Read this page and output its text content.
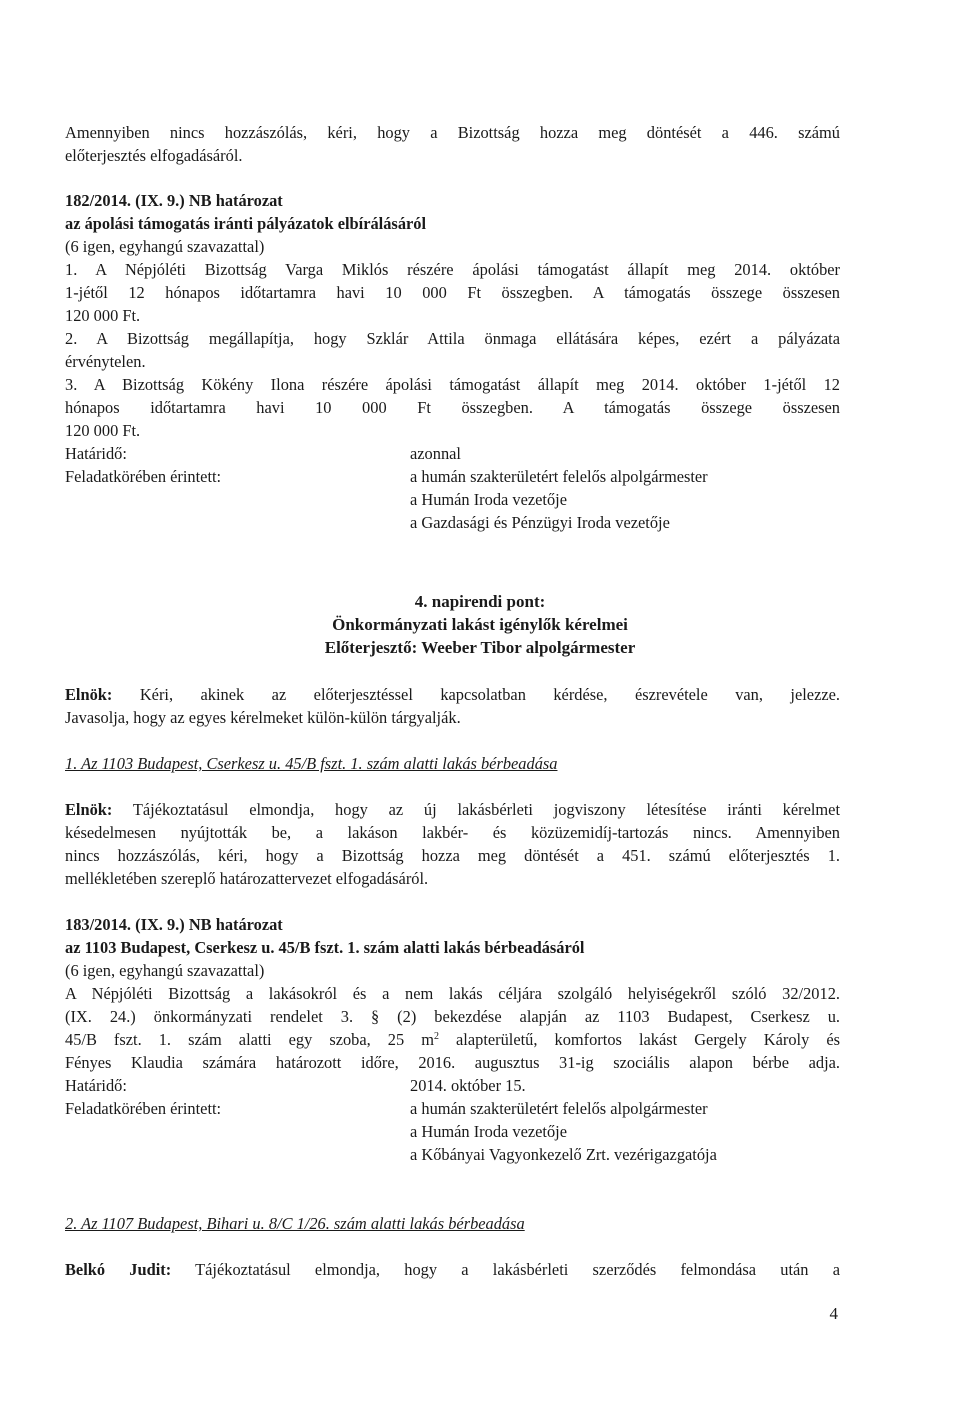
Amennyiben nincs hozzászólás, kéri, hogy a Bizottság hozza meg döntését a 446. számú
előterjesztés elfogadásáról.
182/2014. (IX. 9.) NB határozat
az ápolási támogatás iránti pályázatok elbírálásáról
(6 igen, egyhangú szavazattal)
1. A Népjóléti Bizottság Varga Miklós részére ápolási támogatást állapít meg 2014. október
1-jétől 12 hónapos időtartamra havi 10 000 Ft összegben. A támogatás összege összesen
120 000 Ft.
2. A Bizottság megállapítja, hogy Szklár Attila önmaga ellátására képes, ezért a pályázata
érvénytelen.
3. A Bizottság Kökény Ilona részére ápolási támogatást állapít meg 2014. október 1-jétől 12
hónapos időtartamra havi 10 000 Ft összegben. A támogatás összege összesen
120 000 Ft.
Határidő:	azonnal
Feladatkörében érintett:	a humán szakterületért felelős alpolgármester
a Humán Iroda vezetője
a Gazdasági és Pénzügyi Iroda vezetője
4. napirendi pont:
Önkormányzati lakást igénylők kérelmei
Előterjesztő: Weeber Tibor alpolgármester
Elnök: Kéri, akinek az előterjesztéssel kapcsolatban kérdése, észrevétele van, jelezze.
Javasolja, hogy az egyes kérelmeket külön-külön tárgyalják.
1. Az 1103 Budapest, Cserkesz u. 45/B fszt. 1. szám alatti lakás bérbeadása
Elnök: Tájékoztatásul elmondja, hogy az új lakásbérleti jogviszony létesítése iránti kérelmet
késedelmesen nyújtották be, a lakáson lakbér- és közüzemidíj-tartozás nincs. Amennyiben
nincs hozzászólás, kéri, hogy a Bizottság hozza meg döntését a 451. számú előterjesztés 1.
mellékletében szereplő határozattervezet elfogadásáról.
183/2014. (IX. 9.) NB határozat
az 1103 Budapest, Cserkesz u. 45/B fszt. 1. szám alatti lakás bérbeadásáról
(6 igen, egyhangú szavazattal)
A Népjóléti Bizottság a lakásokról és a nem lakás céljára szolgáló helyiségekről szóló 32/2012.
(IX. 24.) önkormányzati rendelet 3. § (2) bekezdése alapján az 1103 Budapest, Cserkesz u.
45/B fszt. 1. szám alatti egy szoba, 25 $m^2$ alapterületű, komfortos lakást Gergely Károly és
Fényes Klaudia számára határozott időre, 2016. augusztus 31-ig szociális alapon bérbe adja.
Határidő:	2014. október 15.
Feladatkörében érintett:	a humán szakterületért felelős alpolgármester
a Humán Iroda vezetője
a Kőbányai Vagyonkezelő Zrt. vezérigazgatója
2. Az 1107 Budapest, Bihari u. 8/C 1/26. szám alatti lakás bérbeadása
Belkó Judit: Tájékoztatásul elmondja, hogy a lakásbérleti szerződés felmondása után a
4
